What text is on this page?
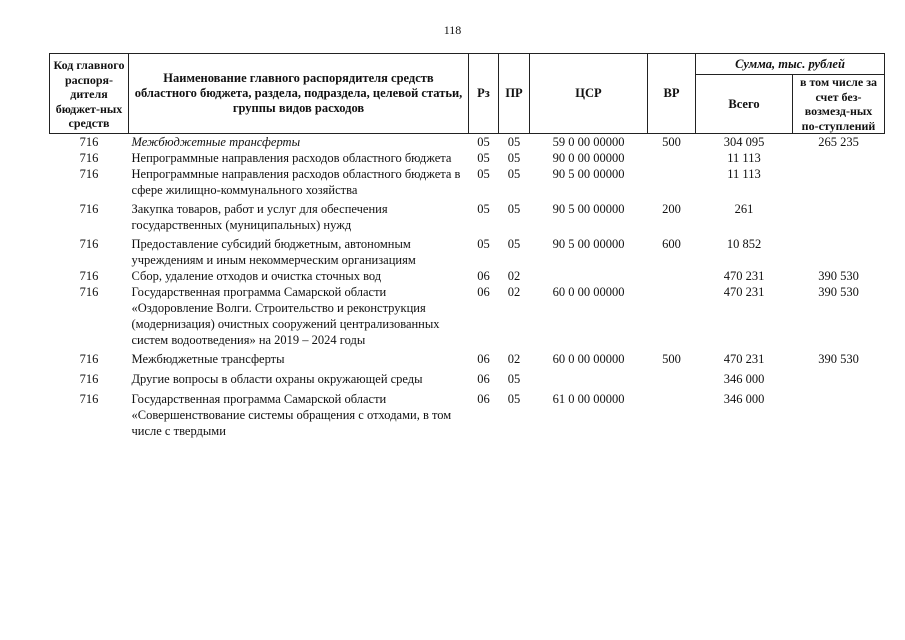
118
Код главного распоря-дителя бюджет-ных средств	Наименование главного распорядителя средств областного бюджета, раздела, подраздела, целевой статьи, группы видов расходов	Рз	ПР	ЦСР	ВР	Сумма, тыс. рублей	
						Всего	в том числе за счет без-возмезд-ных по-ступлений
716	Межбюджетные трансферты	05	05	59 0 00 00000	500	304 095	265 235
716	Непрограммные направления расходов областного бюджета	05	05	90 0 00 00000		11 113	
716	Непрограммные направления расходов областного бюджета в сфере жилищно-коммунального хозяйства	05	05	90 5 00 00000		11 113	
716	Закупка товаров, работ и услуг для обеспечения государственных (муниципальных) нужд	05	05	90 5 00 00000	200	261	
716	Предоставление субсидий бюджетным, автономным учреждениям и иным некоммерческим организациям	05	05	90 5 00 00000	600	10 852	
716	Сбор, удаление отходов и очистка сточных вод	06	02			470 231	390 530
716	Государственная программа Самарской области «Оздоровление Волги. Строительство и реконструкция (модернизация) очистных сооружений централизованных систем водоотведения» на 2019 – 2024 годы	06	02	60 0 00 00000		470 231	390 530
716	Межбюджетные трансферты	06	02	60 0 00 00000	500	470 231	390 530
716	Другие вопросы в области охраны окружающей среды	06	05			346 000	
716	Государственная программа Самарской области «Совершенствование системы обращения с отходами, в том числе с твердыми	06	05	61 0 00 00000		346 000	
